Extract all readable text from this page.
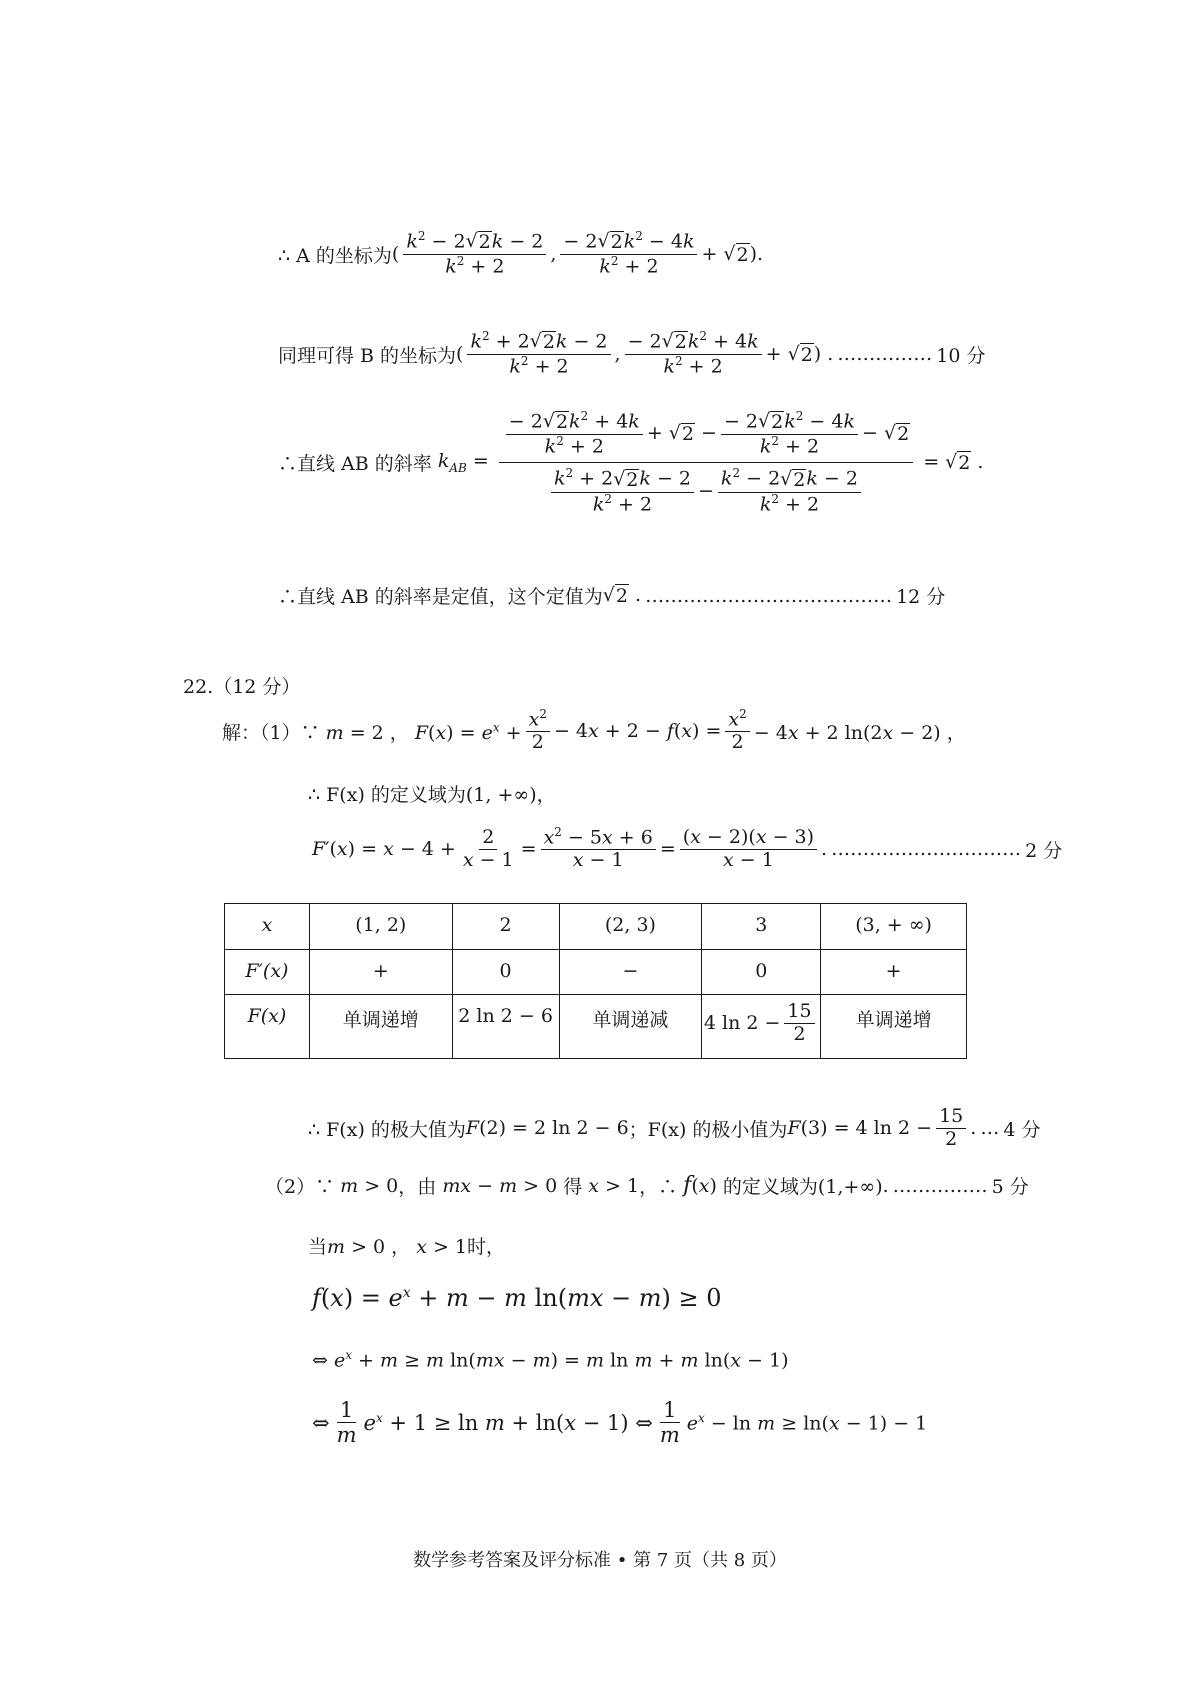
∴ A 的坐标为 ( $\frac{k^2 - 2 √ 2 k - 2}{k^2 + 2}$ , $\frac{- 2 √ 2 k^2 - 4k}{k^2 + 2}$ + √ 2 ).
同理可得 B 的坐标为 ( $\frac{k^2 + 2 √ 2 k - 2}{k^2 + 2}$ , $\frac{- 2 √ 2 k^2 + 4k}{k^2 + 2}$ + √ 2 ) . …………… 10 分
∴直线 AB 的斜率 $k_{AB}$ =
$\frac{- 2 √ 2 k^2 + 4k}{k^2 + 2}$ + √ $2 - \frac{- 2 √ 2 k^2 - 4k}{k^2 + 2}$ − √ 2
$\frac{k^2 + 2 √ 2 k - 2}{k^2 + 2} - \frac{k^2 - 2 √ 2 k - 2}{k^2 + 2}$
= √ 2 .
∴直线 AB 的斜率是定值，这个定值为 √ 2 . ………………………………… 12 分
22.（12 分）
解：（1）∵ m = 2 ， $F(x) = e^x + \frac{x^2}{2} - 4x + 2 - f(x) = \frac{x^2}{2} - 4x + 2$ ln(2x − 2) ，
∴ F(x) 的定义域为(1, +∞)，
$F'(x) = x - 4 + \frac{2}{x - 1} = \frac{x^2 - 5x + 6}{x - 1} = \frac{(x - 2)(x - 3)}{x - 1}$ . ………………………… 2 分
x	(1, 2)	2	(2, 3)	3	(3, + ∞)
F′(x)	+	0	−	0	+
F(x)	单调递增	2 ln 2 − 6	单调递减	4 $\ln 2 - \frac{15}{2}$	单调递增
∴ F(x) 的极大值为 F(2) = 2 ln 2 − 6 ；F(x) 的极小值为 F(3) = 4 $\ln 2 - \frac{15}{2}$ . … 4 分
（2）∵ m > 0 ，由 mx − m > 0 得 x > 1 ，∴ f(x) 的定义域为(1,+∞) . …………… 5 分
当 m > 0 ， x > 1 时，
$f(x) = e^x + m - m$ ln(mx − m) ≥ 0
⇔ $e^x + m \ge m$ ln(mx − m) = m ln m + m ln(x − 1)
⇔ $\frac{1}{m} e^x + 1 \ge \ln m + \ln(x - 1)$ ⇔ $\frac{1}{m} e^x - \ln m \ge \ln(x - 1) - 1$
数学参考答案及评分标准 • 第 7 页（共 8 页）
